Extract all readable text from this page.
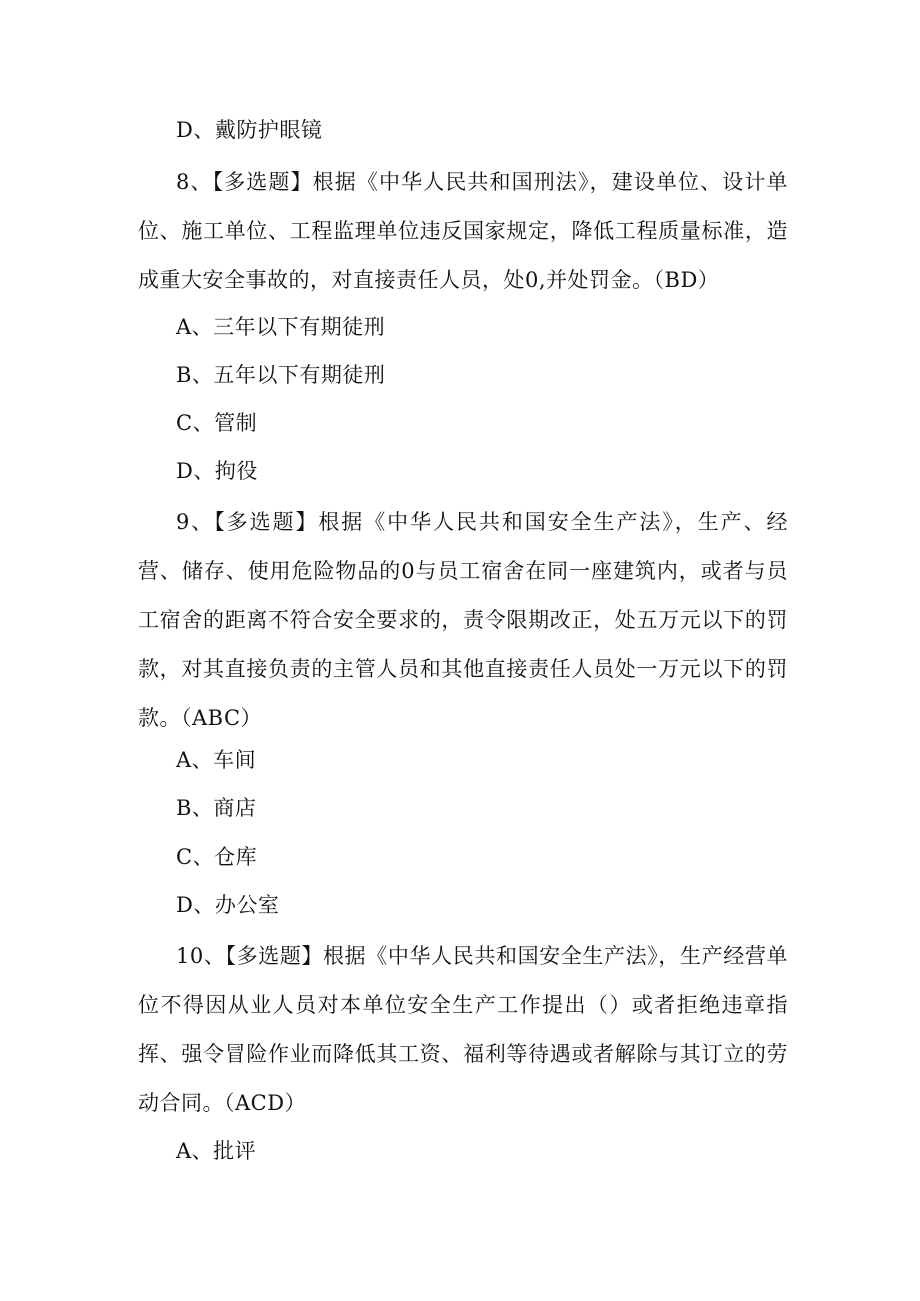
D、戴防护眼镜
8、【多选题】根据《中华人民共和国刑法》，建设单位、设计单位、施工单位、工程监理单位违反国家规定，降低工程质量标准，造成重大安全事故的，对直接责任人员，处0,并处罚金。（BD）
A、三年以下有期徒刑
B、五年以下有期徒刑
C、管制
D、拘役
9、【多选题】根据《中华人民共和国安全生产法》，生产、经营、储存、使用危险物品的0与员工宿舍在同一座建筑内，或者与员工宿舍的距离不符合安全要求的，责令限期改正，处五万元以下的罚款，对其直接负责的主管人员和其他直接责任人员处一万元以下的罚款。（ABC）
A、车间
B、商店
C、仓库
D、办公室
10、【多选题】根据《中华人民共和国安全生产法》，生产经营单位不得因从业人员对本单位安全生产工作提出（）或者拒绝违章指挥、强令冒险作业而降低其工资、福利等待遇或者解除与其订立的劳动合同。（ACD）
A、批评
